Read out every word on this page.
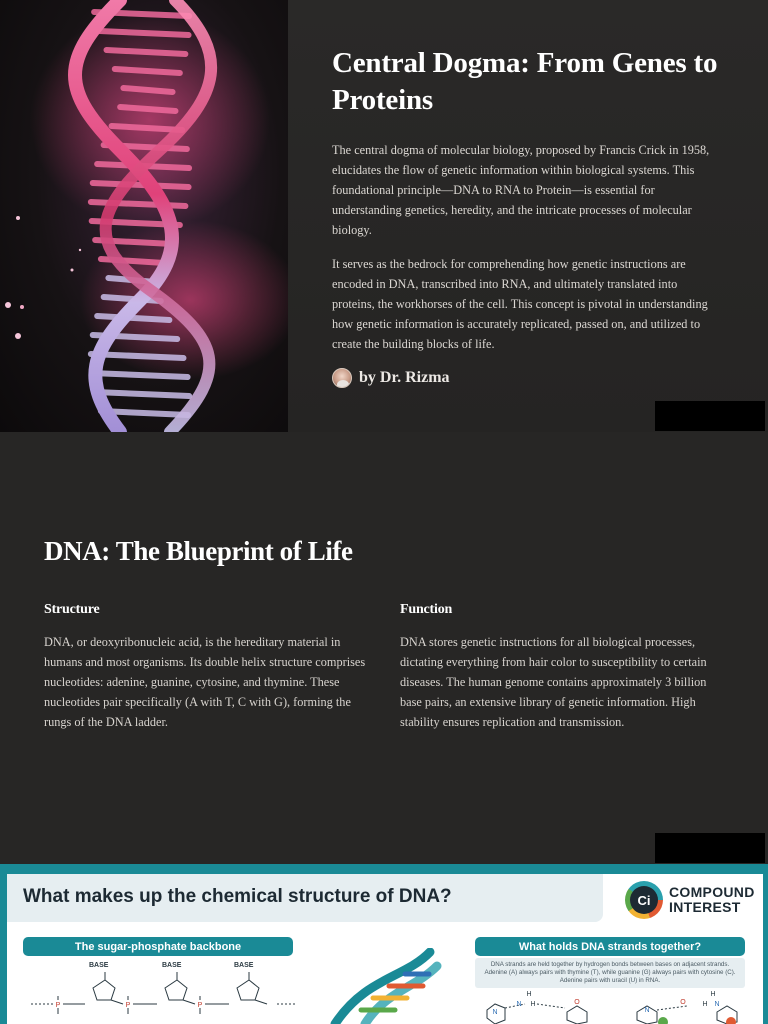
Central Dogma: From Genes to Proteins

The central dogma of molecular biology, proposed by Francis Crick in 1958, elucidates the flow of genetic information within biological systems. This foundational principle—DNA to RNA to Protein—is essential for understanding genetics, heredity, and the intricate processes of molecular biology.

It serves as the bedrock for comprehending how genetic instructions are encoded in DNA, transcribed into RNA, and ultimately translated into proteins, the workhorses of the cell. This concept is pivotal in understanding how genetic information is accurately replicated, passed on, and utilized to create the building blocks of life.

by Dr. Rizma
DNA: The Blueprint of Life
Structure

DNA, or deoxyribonucleic acid, is the hereditary material in humans and most organisms. Its double helix structure comprises nucleotides: adenine, guanine, cytosine, and thymine. These nucleotides pair specifically (A with T, C with G), forming the rungs of the DNA ladder.

Function

DNA stores genetic instructions for all biological processes, dictating everything from hair color to susceptibility to certain diseases. The human genome contains approximately 3 billion base pairs, an extensive library of genetic information. High stability ensures replication and transmission.

What makes up the chemical structure of DNA?	Ci	COMPOUND
INTEREST
The sugar-phosphate backbone
BASE	BASE	BASE
P	P	P
What holds DNA strands together?
DNA strands are held together by hydrogen bonds between bases on adjacent strands. Adenine (A) always pairs with thymine (T), while guanine (G) always pairs with cytosine (C). Adenine pairs with uracil (U) in RNA.
H
N H
N
O
N
O
H
H N
